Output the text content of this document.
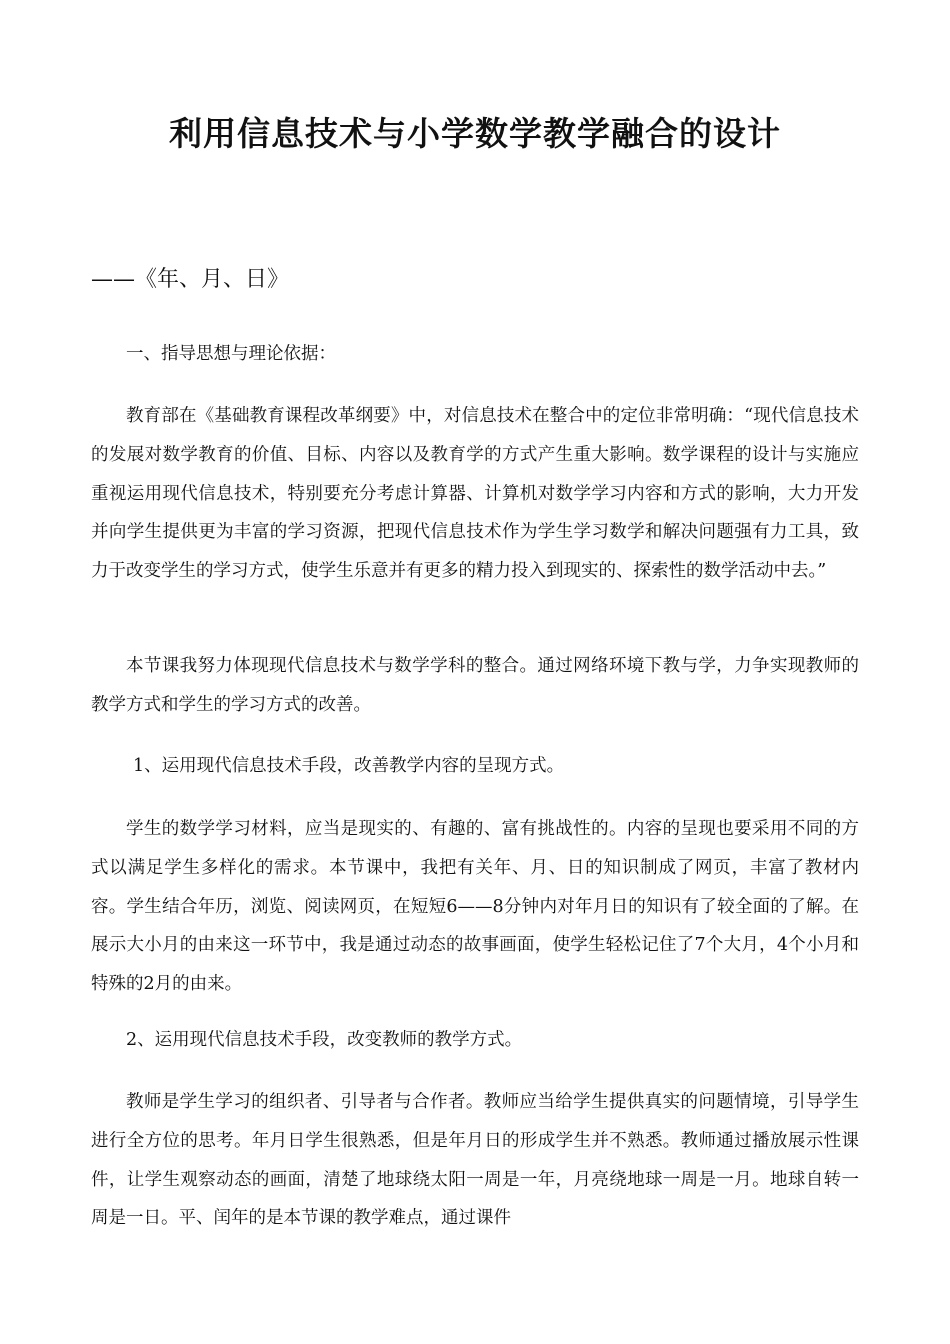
利用信息技术与小学数学教学融合的设计
——《年、月、日》

一、指导思想与理论依据：

教育部在《基础教育课程改革纲要》中，对信息技术在整合中的定位非常明确：“现代信息技术的发展对数学教育的价值、目标、内容以及教育学的方式产生重大影响。数学课程的设计与实施应重视运用现代信息技术，特别要充分考虑计算器、计算机对数学学习内容和方式的影响，大力开发并向学生提供更为丰富的学习资源，把现代信息技术作为学生学习数学和解决问题强有力工具，致力于改变学生的学习方式，使学生乐意并有更多的精力投入到现实的、探索性的数学活动中去。”

本节课我努力体现现代信息技术与数学学科的整合。通过网络环境下教与学，力争实现教师的教学方式和学生的学习方式的改善。

1、运用现代信息技术手段，改善教学内容的呈现方式。

学生的数学学习材料，应当是现实的、有趣的、富有挑战性的。内容的呈现也要采用不同的方式以满足学生多样化的需求。本节课中，我把有关年、月、日的知识制成了网页，丰富了教材内容。学生结合年历，浏览、阅读网页，在短短6——8分钟内对年月日的知识有了较全面的了解。在展示大小月的由来这一环节中，我是通过动态的故事画面，使学生轻松记住了7个大月，4个小月和特殊的2月的由来。

2、运用现代信息技术手段，改变教师的教学方式。

教师是学生学习的组织者、引导者与合作者。教师应当给学生提供真实的问题情境，引导学生进行全方位的思考。年月日学生很熟悉，但是年月日的形成学生并不熟悉。教师通过播放展示性课件，让学生观察动态的画面，清楚了地球绕太阳一周是一年，月亮绕地球一周是一月。地球自转一周是一日。平、闰年的是本节课的教学难点，通过课件
